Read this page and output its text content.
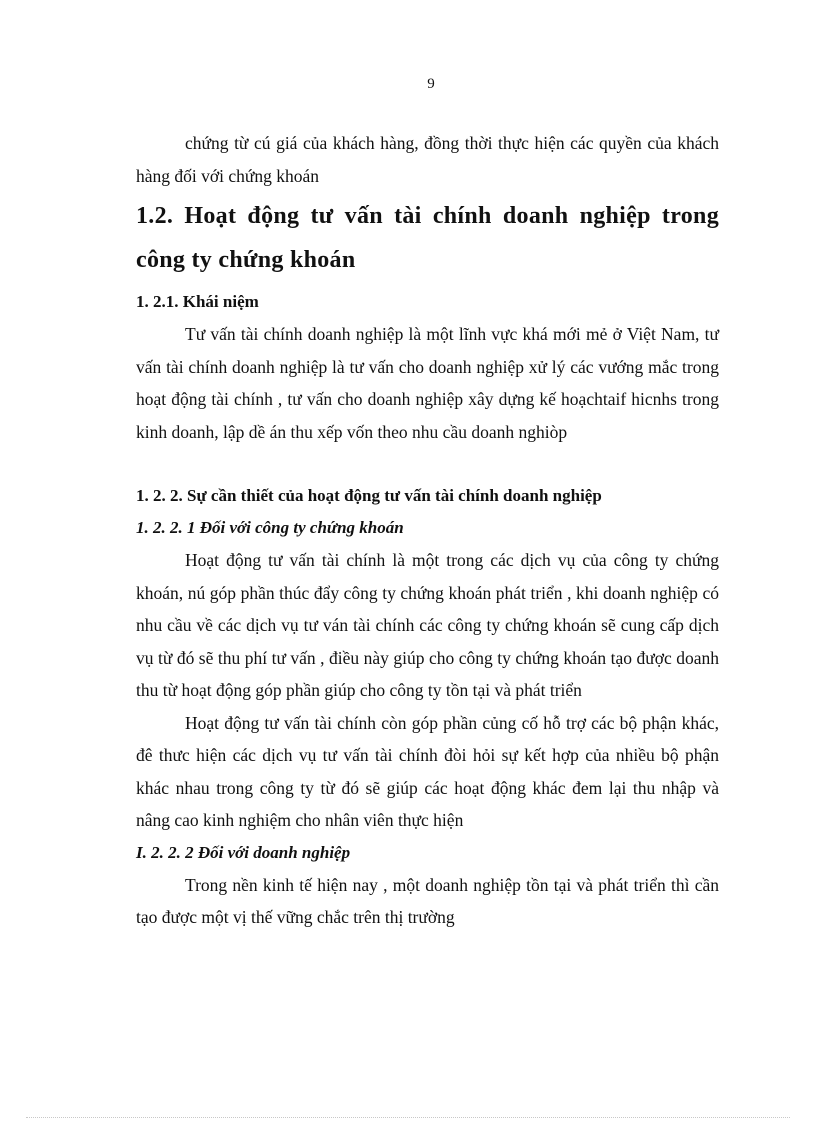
9

chứng từ cú giá của khách hàng, đồng thời thực hiện các quyền của khách hàng đối với chứng khoán

1.2. Hoạt động tư vấn tài chính doanh nghiệp trong công ty chứng khoán
1. 2.1. Khái niệm

Tư vấn tài chính doanh nghiệp là một lĩnh vực khá mới mẻ ở Việt Nam, tư vấn tài chính doanh nghiệp là tư vấn cho doanh nghiệp xử lý các vướng mắc trong hoạt động tài chính , tư vấn cho doanh nghiệp xây dựng kế hoạchtaif hicnhs trong kinh doanh, lập dề án thu xếp vốn theo nhu cầu doanh nghiòp

1. 2. 2. Sự cần thiết của hoạt động tư vấn tài chính doanh nghiệp
1. 2. 2. 1 Đối với công ty chứng khoán

Hoạt động tư vấn tài chính là một trong các dịch vụ của công ty chứng khoán, nú góp phần thúc đẩy công ty chứng khoán phát triển , khi doanh nghiệp có nhu cầu về các dịch vụ tư ván tài chính các công ty chứng khoán sẽ cung cấp dịch vụ từ đó sẽ thu phí tư vấn , điều này giúp cho công ty chứng khoán tạo được doanh thu từ hoạt động góp phần giúp cho công ty tồn tại và phát triển

Hoạt động tư vấn tài chính còn góp phần củng cố hỗ trợ các bộ phận khác, đê thưc hiện các dịch vụ tư vấn tài chính đòi hỏi sự kết hợp của nhiều bộ phận khác nhau trong công ty từ đó sẽ giúp các hoạt động khác đem lại thu nhập và nâng cao kinh nghiệm cho nhân viên thực hiện

I. 2. 2. 2 Đối với doanh nghiệp

Trong nền kinh tế hiện nay , một doanh nghiệp tồn tại và phát triển thì cần tạo được một vị thế vững chắc trên thị trường
